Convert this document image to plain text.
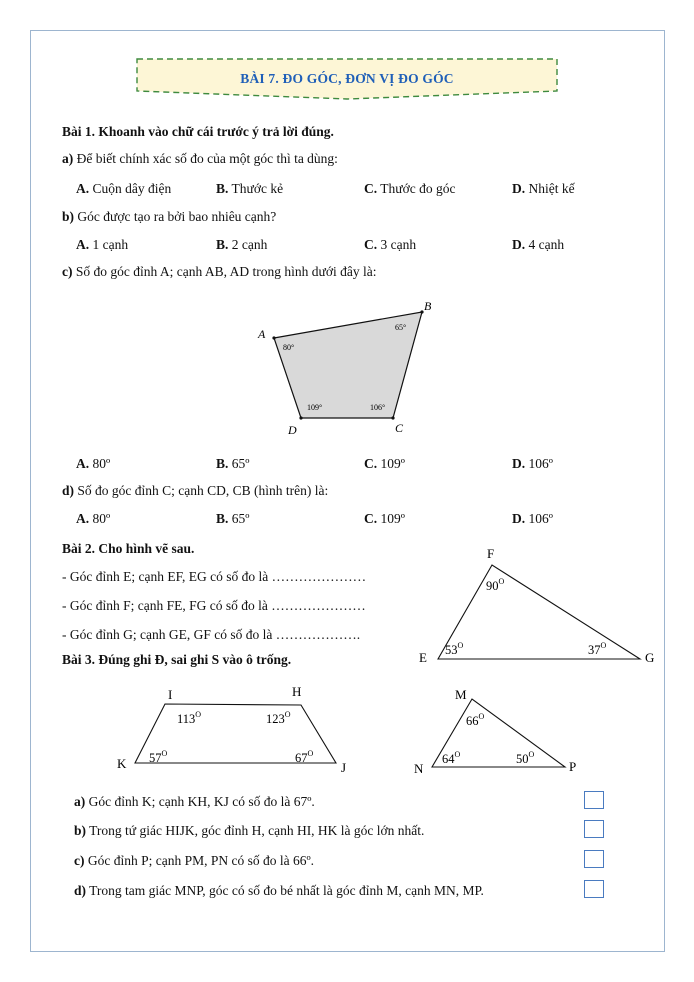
BÀI 7. ĐO GÓC, ĐƠN VỊ ĐO GÓC
Bài 1. Khoanh vào chữ cái trước ý trả lời đúng.
a) Để biết chính xác số đo của một góc thì ta dùng:
A. Cuộn dây điện	B. Thước kẻ	C. Thước đo góc	D. Nhiệt kế
b) Góc được tạo ra bởi bao nhiêu cạnh?
A. 1 cạnh	B. 2 cạnh	C. 3 cạnh	D. 4 cạnh
c) Số đo góc đỉnh A; cạnh AB, AD trong hình dưới đây là:
A
B
C
D
80°
65°
106°
109°
A. 80º	B. 65º	C. 109º	D. 106º
d) Số đo góc đỉnh C; cạnh CD, CB (hình trên) là:
A. 80º	B. 65º	C. 109º	D. 106º
Bài 2. Cho hình vẽ sau.
- Góc đỉnh E; cạnh EF, EG có số đo là …………………
- Góc đỉnh F; cạnh FE, FG có số đo là …………………
- Góc đỉnh G; cạnh GE, GF có số đo là ……………….
F
E	G
$90^O$
$53^O$	$37^O$
Bài 3. Đúng ghi Đ, sai ghi S vào ô trống.
I	H
K	J
$113^O$	$123^O$
$57^O$	$67^O$
M
N	P
$66^O$
$64^O$	$50^O$
a) Góc đỉnh K; cạnh KH, KJ có số đo là 67º.
b) Trong tứ giác HIJK, góc đỉnh H, cạnh HI, HK là góc lớn nhất.
c) Góc đỉnh P; cạnh PM, PN có số đo là 66º.
d) Trong tam giác MNP, góc có số đo bé nhất là góc đỉnh M, cạnh MN, MP.
